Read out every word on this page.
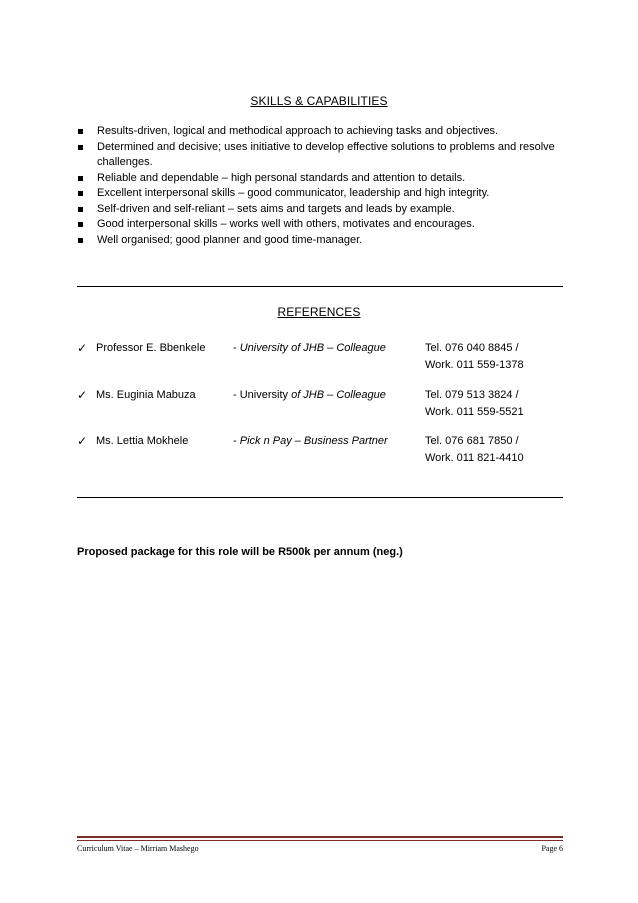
SKILLS & CAPABILITIES
Results-driven, logical and methodical approach to achieving tasks and objectives.
Determined and decisive; uses initiative to develop effective solutions to problems and resolve challenges.
Reliable and dependable – high personal standards and attention to details.
Excellent interpersonal skills – good communicator, leadership and high integrity.
Self-driven and self-reliant – sets aims and targets and leads by example.
Good interpersonal skills – works well with others, motivates and encourages.
Well organised; good planner and good time-manager.
REFERENCES
✓ Professor E. Bbenkele	- University of JHB – Colleague	Tel. 076 040 8845 /
Work. 011 559-1378
✓ Ms. Euginia Mabuza	- University of JHB – Colleague	Tel. 079 513 3824 /
Work. 011 559-5521
✓ Ms. Lettia Mokhele	- Pick n Pay – Business Partner	Tel. 076 681 7850 /
Work. 011 821-4410
Proposed package for this role will be R500k per annum (neg.)
Curriculum Vitae – Mirriam Mashego	Page 6
